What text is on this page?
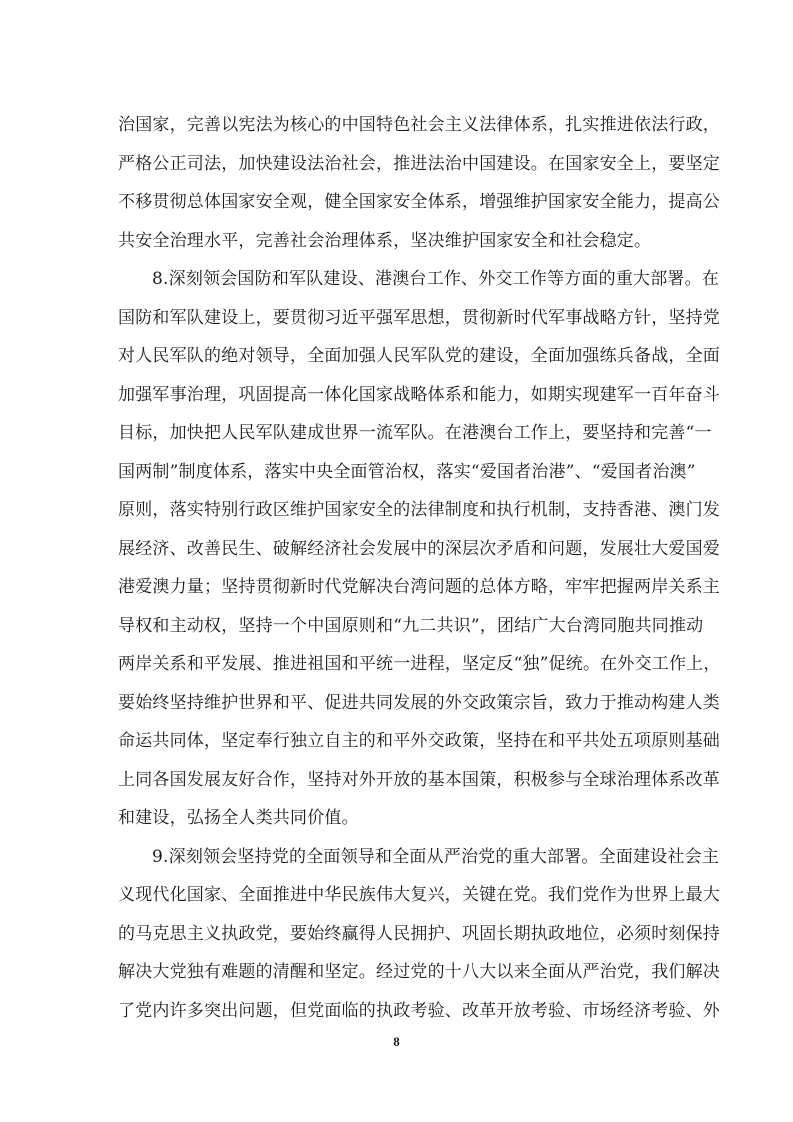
治国家，完善以宪法为核心的中国特色社会主义法律体系，扎实推进依法行政，
严格公正司法，加快建设法治社会，推进法治中国建设。在国家安全上，要坚定
不移贯彻总体国家安全观，健全国家安全体系，增强维护国家安全能力，提高公
共安全治理水平，完善社会治理体系，坚决维护国家安全和社会稳定。
8.深刻领会国防和军队建设、港澳台工作、外交工作等方面的重大部署。在
国防和军队建设上，要贯彻习近平强军思想，贯彻新时代军事战略方针，坚持党
对人民军队的绝对领导，全面加强人民军队党的建设，全面加强练兵备战，全面
加强军事治理，巩固提高一体化国家战略体系和能力，如期实现建军一百年奋斗
目标，加快把人民军队建成世界一流军队。在港澳台工作上，要坚持和完善“一
国两制”制度体系，落实中央全面管治权，落实“爱国者治港”、“爱国者治澳”
原则，落实特别行政区维护国家安全的法律制度和执行机制，支持香港、澳门发
展经济、改善民生、破解经济社会发展中的深层次矛盾和问题，发展壮大爱国爱
港爱澳力量；坚持贯彻新时代党解决台湾问题的总体方略，牢牢把握两岸关系主
导权和主动权，坚持一个中国原则和“九二共识”，团结广大台湾同胞共同推动
两岸关系和平发展、推进祖国和平统一进程，坚定反“独”促统。在外交工作上，
要始终坚持维护世界和平、促进共同发展的外交政策宗旨，致力于推动构建人类
命运共同体，坚定奉行独立自主的和平外交政策，坚持在和平共处五项原则基础
上同各国发展友好合作，坚持对外开放的基本国策，积极参与全球治理体系改革
和建设，弘扬全人类共同价值。
9.深刻领会坚持党的全面领导和全面从严治党的重大部署。全面建设社会主
义现代化国家、全面推进中华民族伟大复兴，关键在党。我们党作为世界上最大
的马克思主义执政党，要始终赢得人民拥护、巩固长期执政地位，必须时刻保持
解决大党独有难题的清醒和坚定。经过党的十八大以来全面从严治党，我们解决
了党内许多突出问题，但党面临的执政考验、改革开放考验、市场经济考验、外
8
